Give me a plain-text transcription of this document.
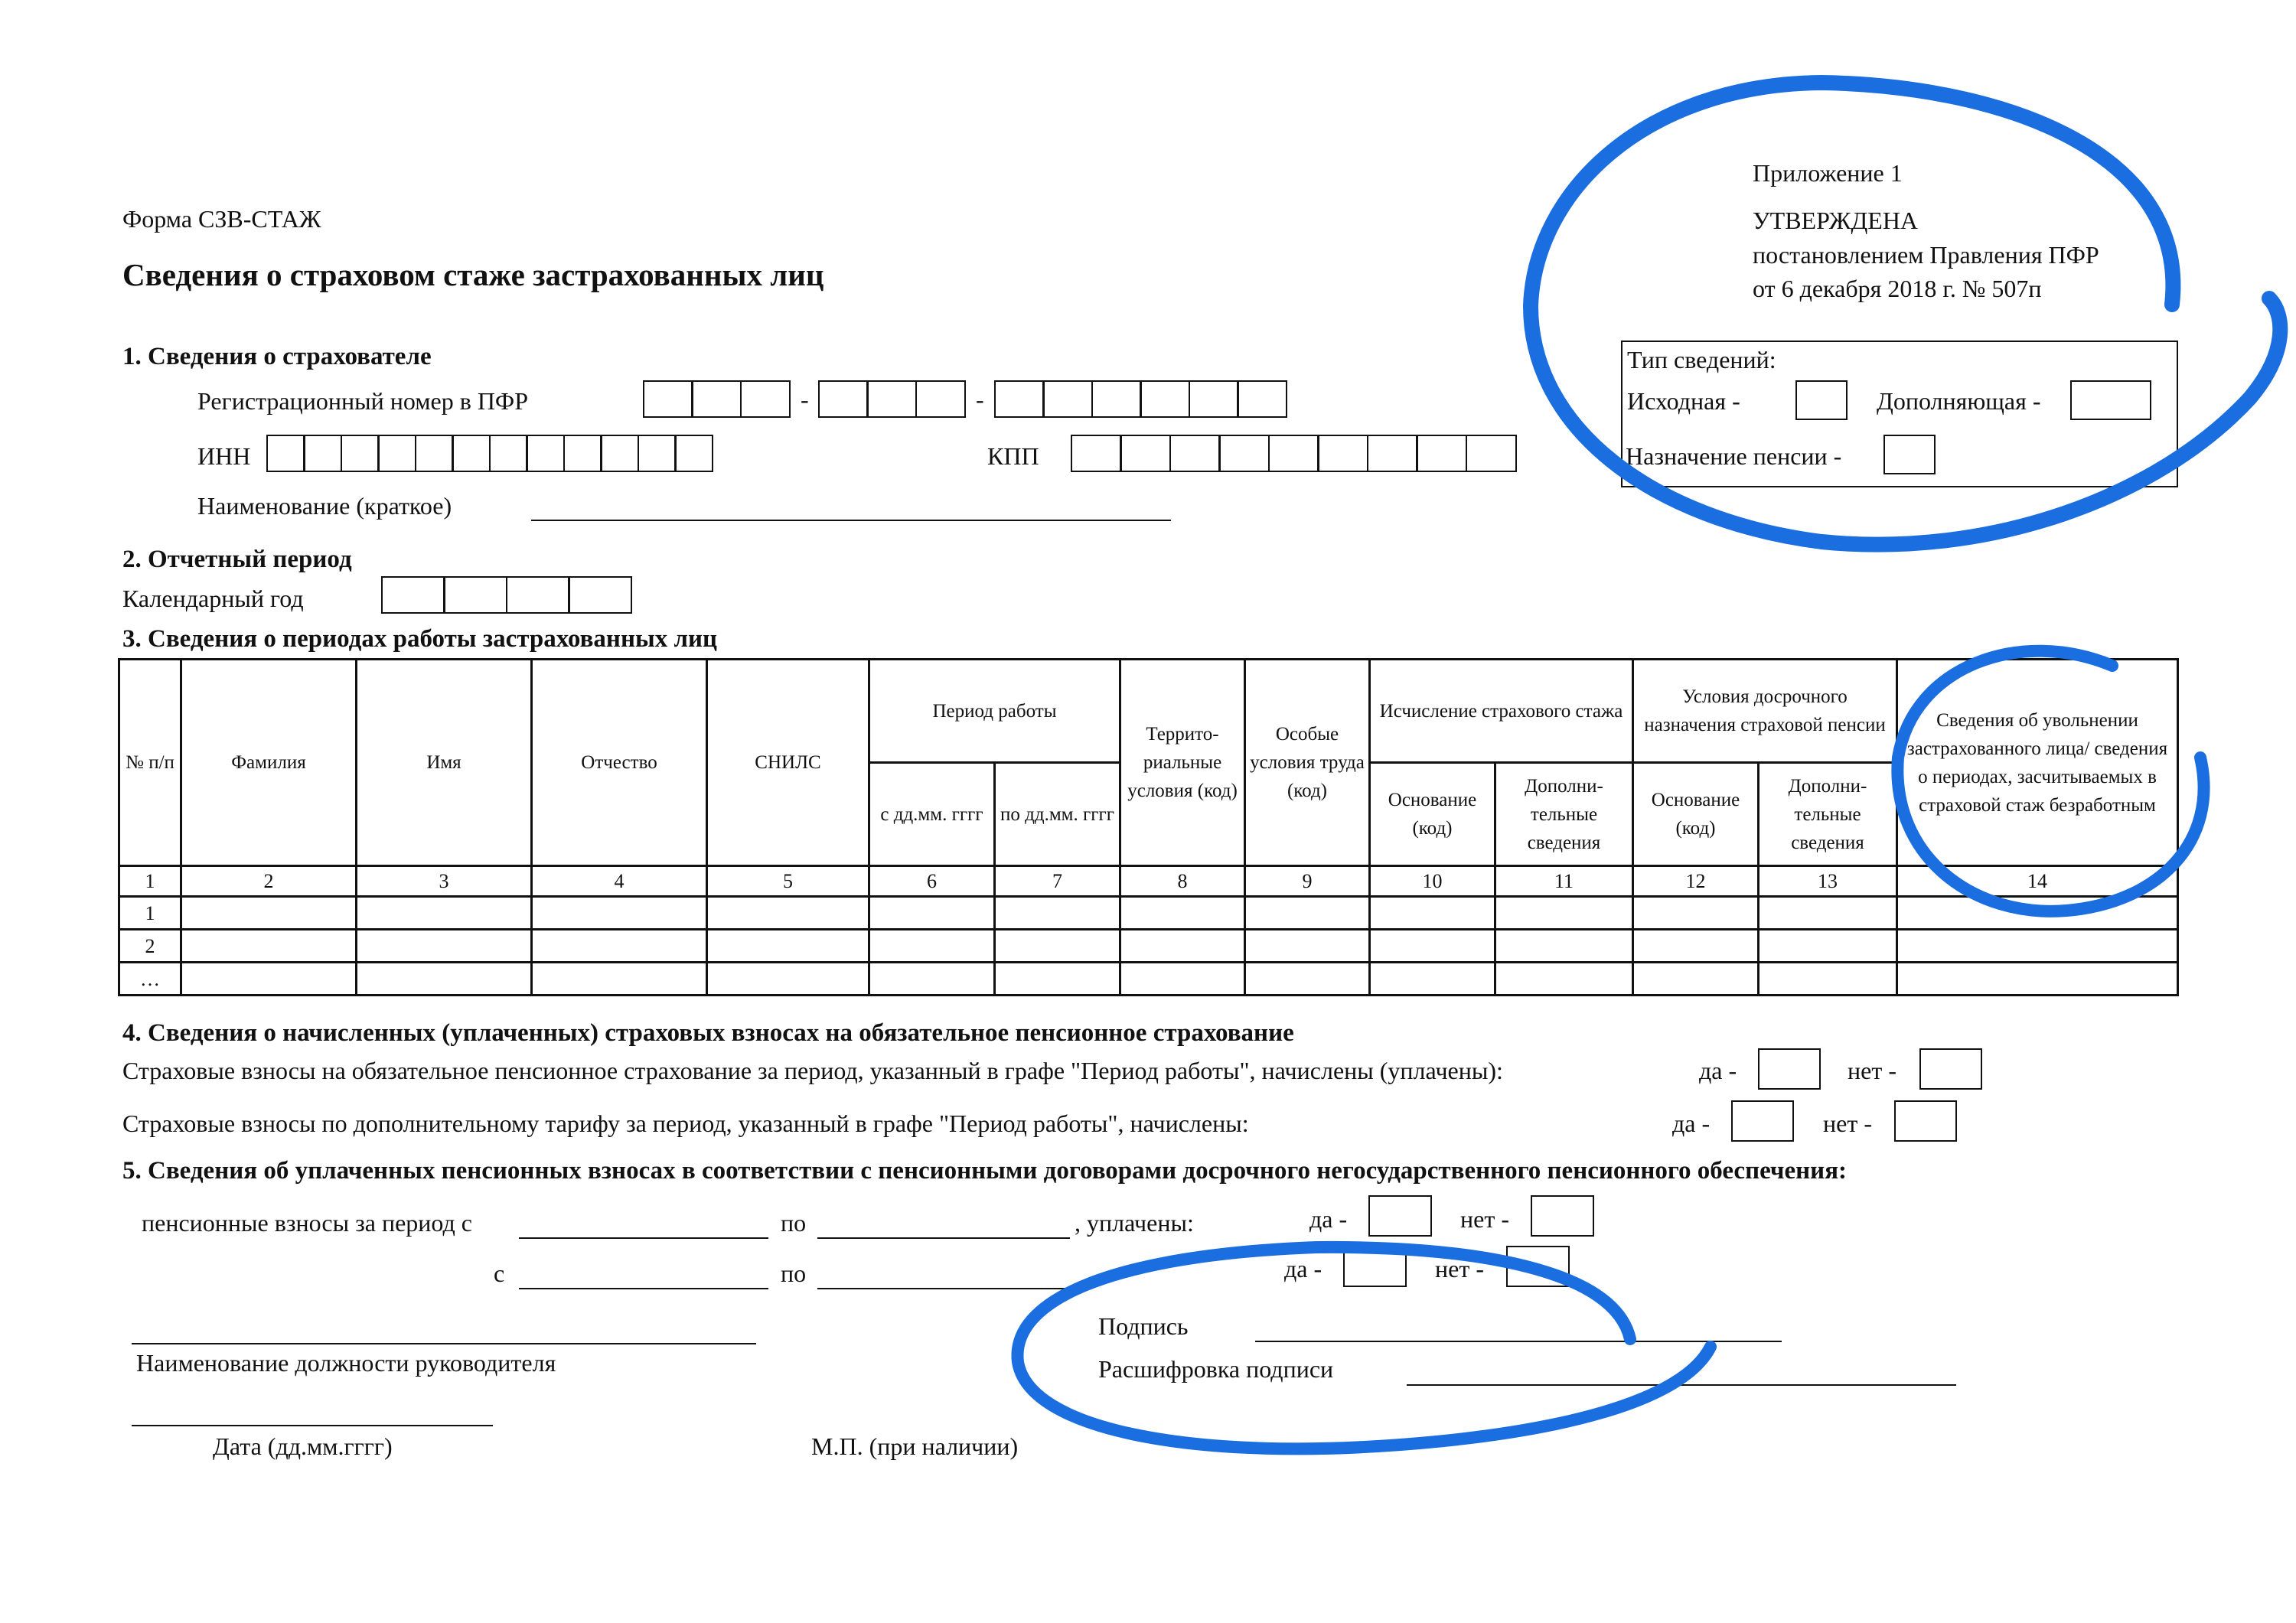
Форма СЗВ-СТАЖ
Сведения о страховом стаже застрахованных лиц
Приложение 1
УТВЕРЖДЕНА
постановлением Правления ПФР
от 6 декабря 2018 г. № 507п
Тип сведений:
Исходная -	Дополняющая -
Назначение пенсии -
1. Сведения о страхователе
Регистрационный номер в ПФР	-	-
ИНН	КПП
Наименование (краткое)
2. Отчетный период
Календарный год
3. Сведения о периодах работы застрахованных лиц
№ п/п	Фамилия	Имя	Отчество	СНИЛС	Период работы		Террито- риальные условия (код)	Особые условия труда (код)	Исчисление страхового стажа		Условия досрочного назначения страховой пенсии		Сведения об увольнении застрахованного лица/ сведения о периодах, засчитываемых в страховой стаж безработным
					с дд.мм. гггг	по дд.мм. гггг			Основание (код)	Дополни- тельные сведения	Основание (код)	Дополни- тельные сведения	
1	2	3	4	5	6	7	8	9	10	11	12	13	14
1													
2													
…													
4. Сведения о начисленных (уплаченных) страховых взносах на обязательное пенсионное страхование
Страховые взносы на обязательное пенсионное страхование за период, указанный в графе "Период работы", начислены (уплачены):	да -	нет -
Страховые взносы по дополнительному тарифу за период, указанный в графе "Период работы", начислены:	да -	нет -
5. Сведения об уплаченных пенсионных взносах в соответствии с пенсионными договорами досрочного негосударственного пенсионного обеспечения:
пенсионные взносы за период с	по	, уплачены:	да -	нет -
с	по	да -	нет -
Наименование должности руководителя
Дата (дд.мм.гггг)	М.П. (при наличии)
Подпись
Расшифровка подписи
